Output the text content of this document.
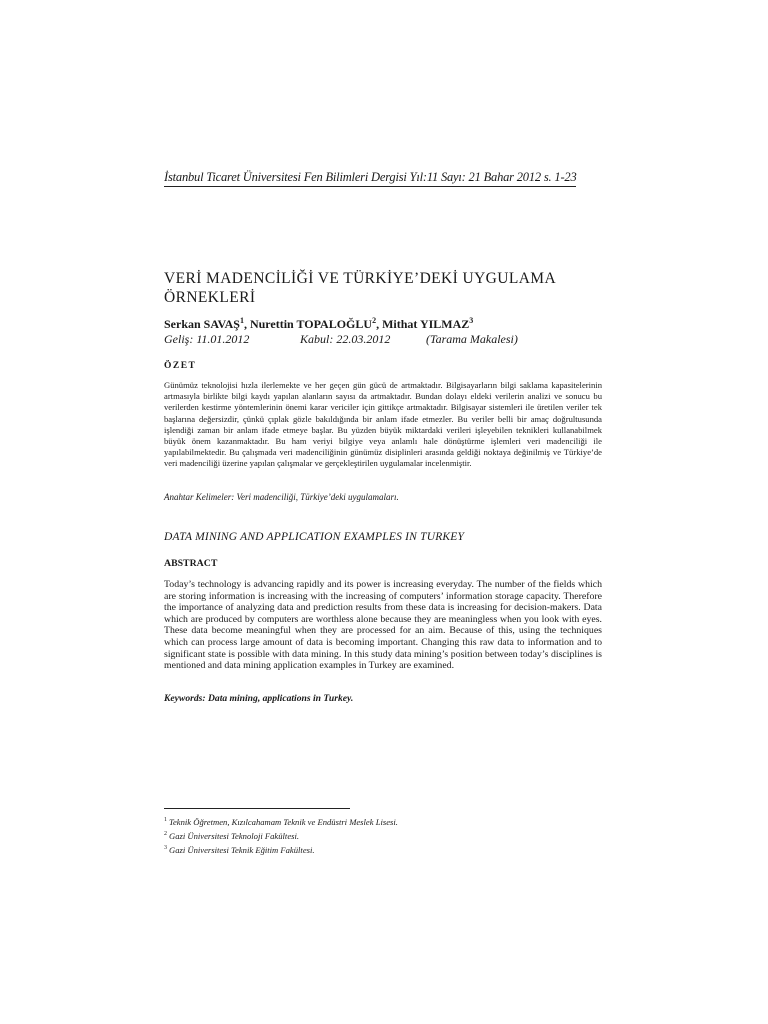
İstanbul Ticaret Üniversitesi Fen Bilimleri Dergisi Yıl:11 Sayı: 21 Bahar 2012 s. 1-23
VERİ MADENCİLİĞİ VE TÜRKİYE’DEKİ UYGULAMA ÖRNEKLERİ
Serkan SAVAŞ$^1$, Nurettin TOPALOĞLU$^2$, Mithat YILMAZ$^3$
Geliş: 11.01.2012	Kabul: 22.03.2012	(Tarama Makalesi)
ÖZET

Günümüz teknolojisi hızla ilerlemekte ve her geçen gün gücü de artmaktadır. Bilgisayarların bilgi saklama kapasitelerinin artmasıyla birlikte bilgi kaydı yapılan alanların sayısı da artmaktadır. Bundan dolayı eldeki verilerin analizi ve sonucu bu verilerden kestirme yöntemlerinin önemi karar vericiler için gittikçe artmaktadır. Bilgisayar sistemleri ile üretilen veriler tek başlarına değersizdir, çünkü çıplak gözle bakıldığında bir anlam ifade etmezler. Bu veriler belli bir amaç doğrultusunda işlendiği zaman bir anlam ifade etmeye başlar. Bu yüzden büyük miktardaki verileri işleyebilen teknikleri kullanabilmek büyük önem kazanmaktadır. Bu ham veriyi bilgiye veya anlamlı hale dönüştürme işlemleri veri madenciliği ile yapılabilmektedir. Bu çalışmada veri madenciliğinin günümüz disiplinleri arasında geldiği noktaya değinilmiş ve Türkiye’de veri madenciliği üzerine yapılan çalışmalar ve gerçekleştirilen uygulamalar incelenmiştir.

Anahtar Kelimeler: Veri madenciliği, Türkiye’deki uygulamaları.
DATA MINING AND APPLICATION EXAMPLES IN TURKEY
ABSTRACT

Today’s technology is advancing rapidly and its power is increasing everyday. The number of the fields which are storing information is increasing with the increasing of computers’ information storage capacity. Therefore the importance of analyzing data and prediction results from these data is increasing for decision-makers. Data which are produced by computers are worthless alone because they are meaningless when you look with eyes. These data become meaningful when they are processed for an aim. Because of this, using the techniques which can process large amount of data is becoming important. Changing this raw data to information and to significant state is possible with data mining. In this study data mining’s position between today’s disciplines is mentioned and data mining application examples in Turkey are examined.

Keywords: Data mining, applications in Turkey.
$^1$ Teknik Öğretmen, Kızılcahamam Teknik ve Endüstri Meslek Lisesi.
$^2$ Gazi Üniversitesi Teknoloji Fakültesi.
$^3$ Gazi Üniversitesi Teknik Eğitim Fakültesi.
